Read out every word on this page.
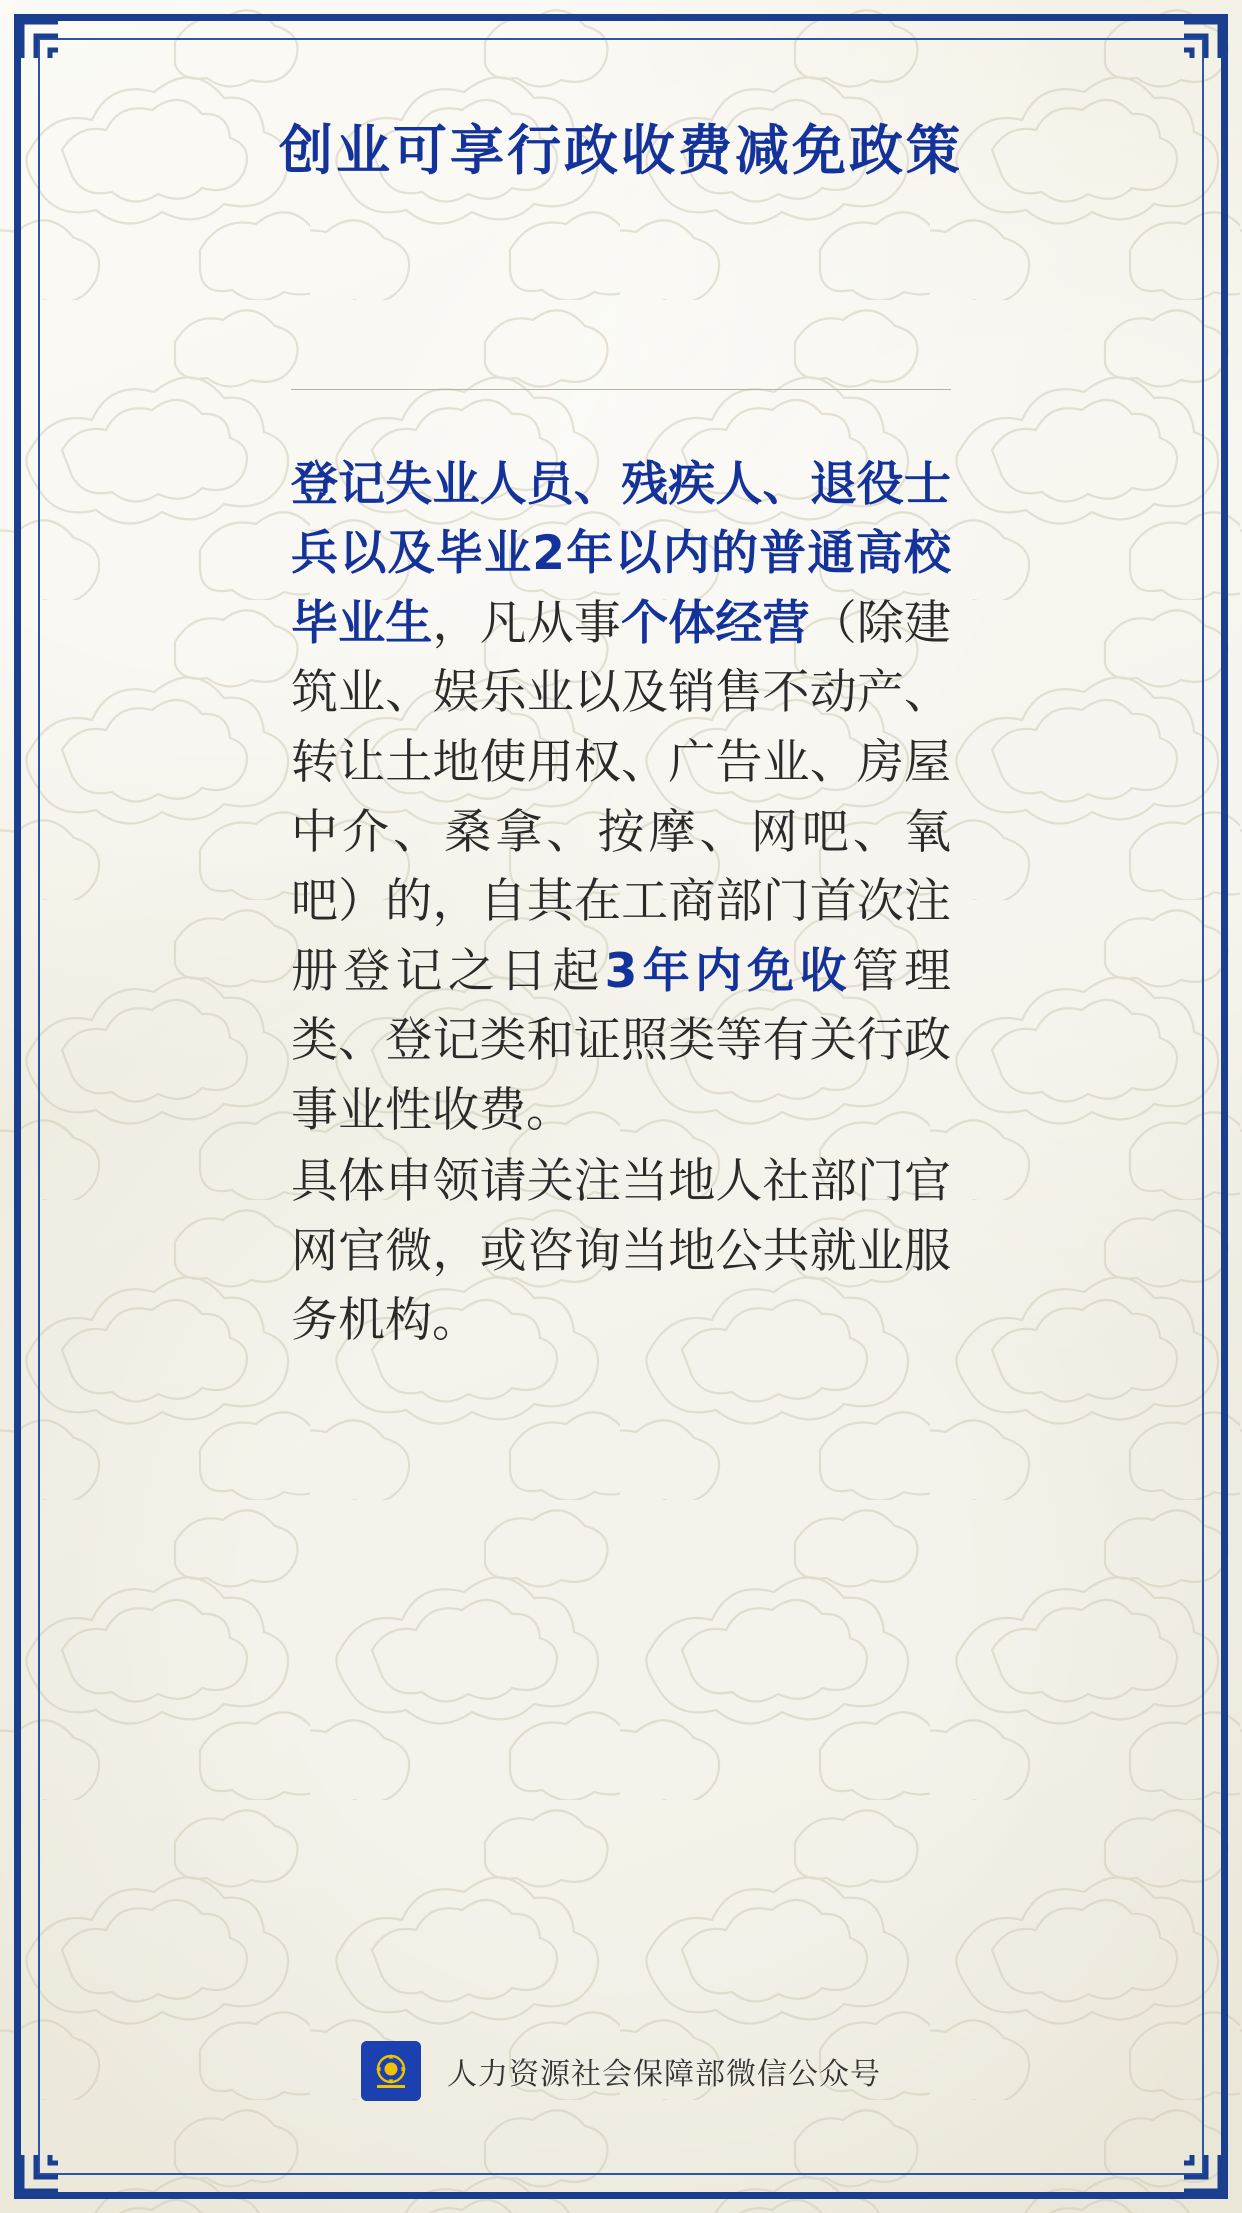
创业可享行政收费减免政策

登记失业人员、残疾人、退役士兵以及毕业2年以内的普通高校毕业生，凡从事个体经营（除建筑业、娱乐业以及销售不动产、转让土地使用权、广告业、房屋中介、桑拿、按摩、网吧、氧吧）的，自其在工商部门首次注册登记之日起3年内免收管理类、登记类和证照类等有关行政事业性收费。

具体申领请关注当地人社部门官网官微，或咨询当地公共就业服务机构。

人力资源社会保障部微信公众号
